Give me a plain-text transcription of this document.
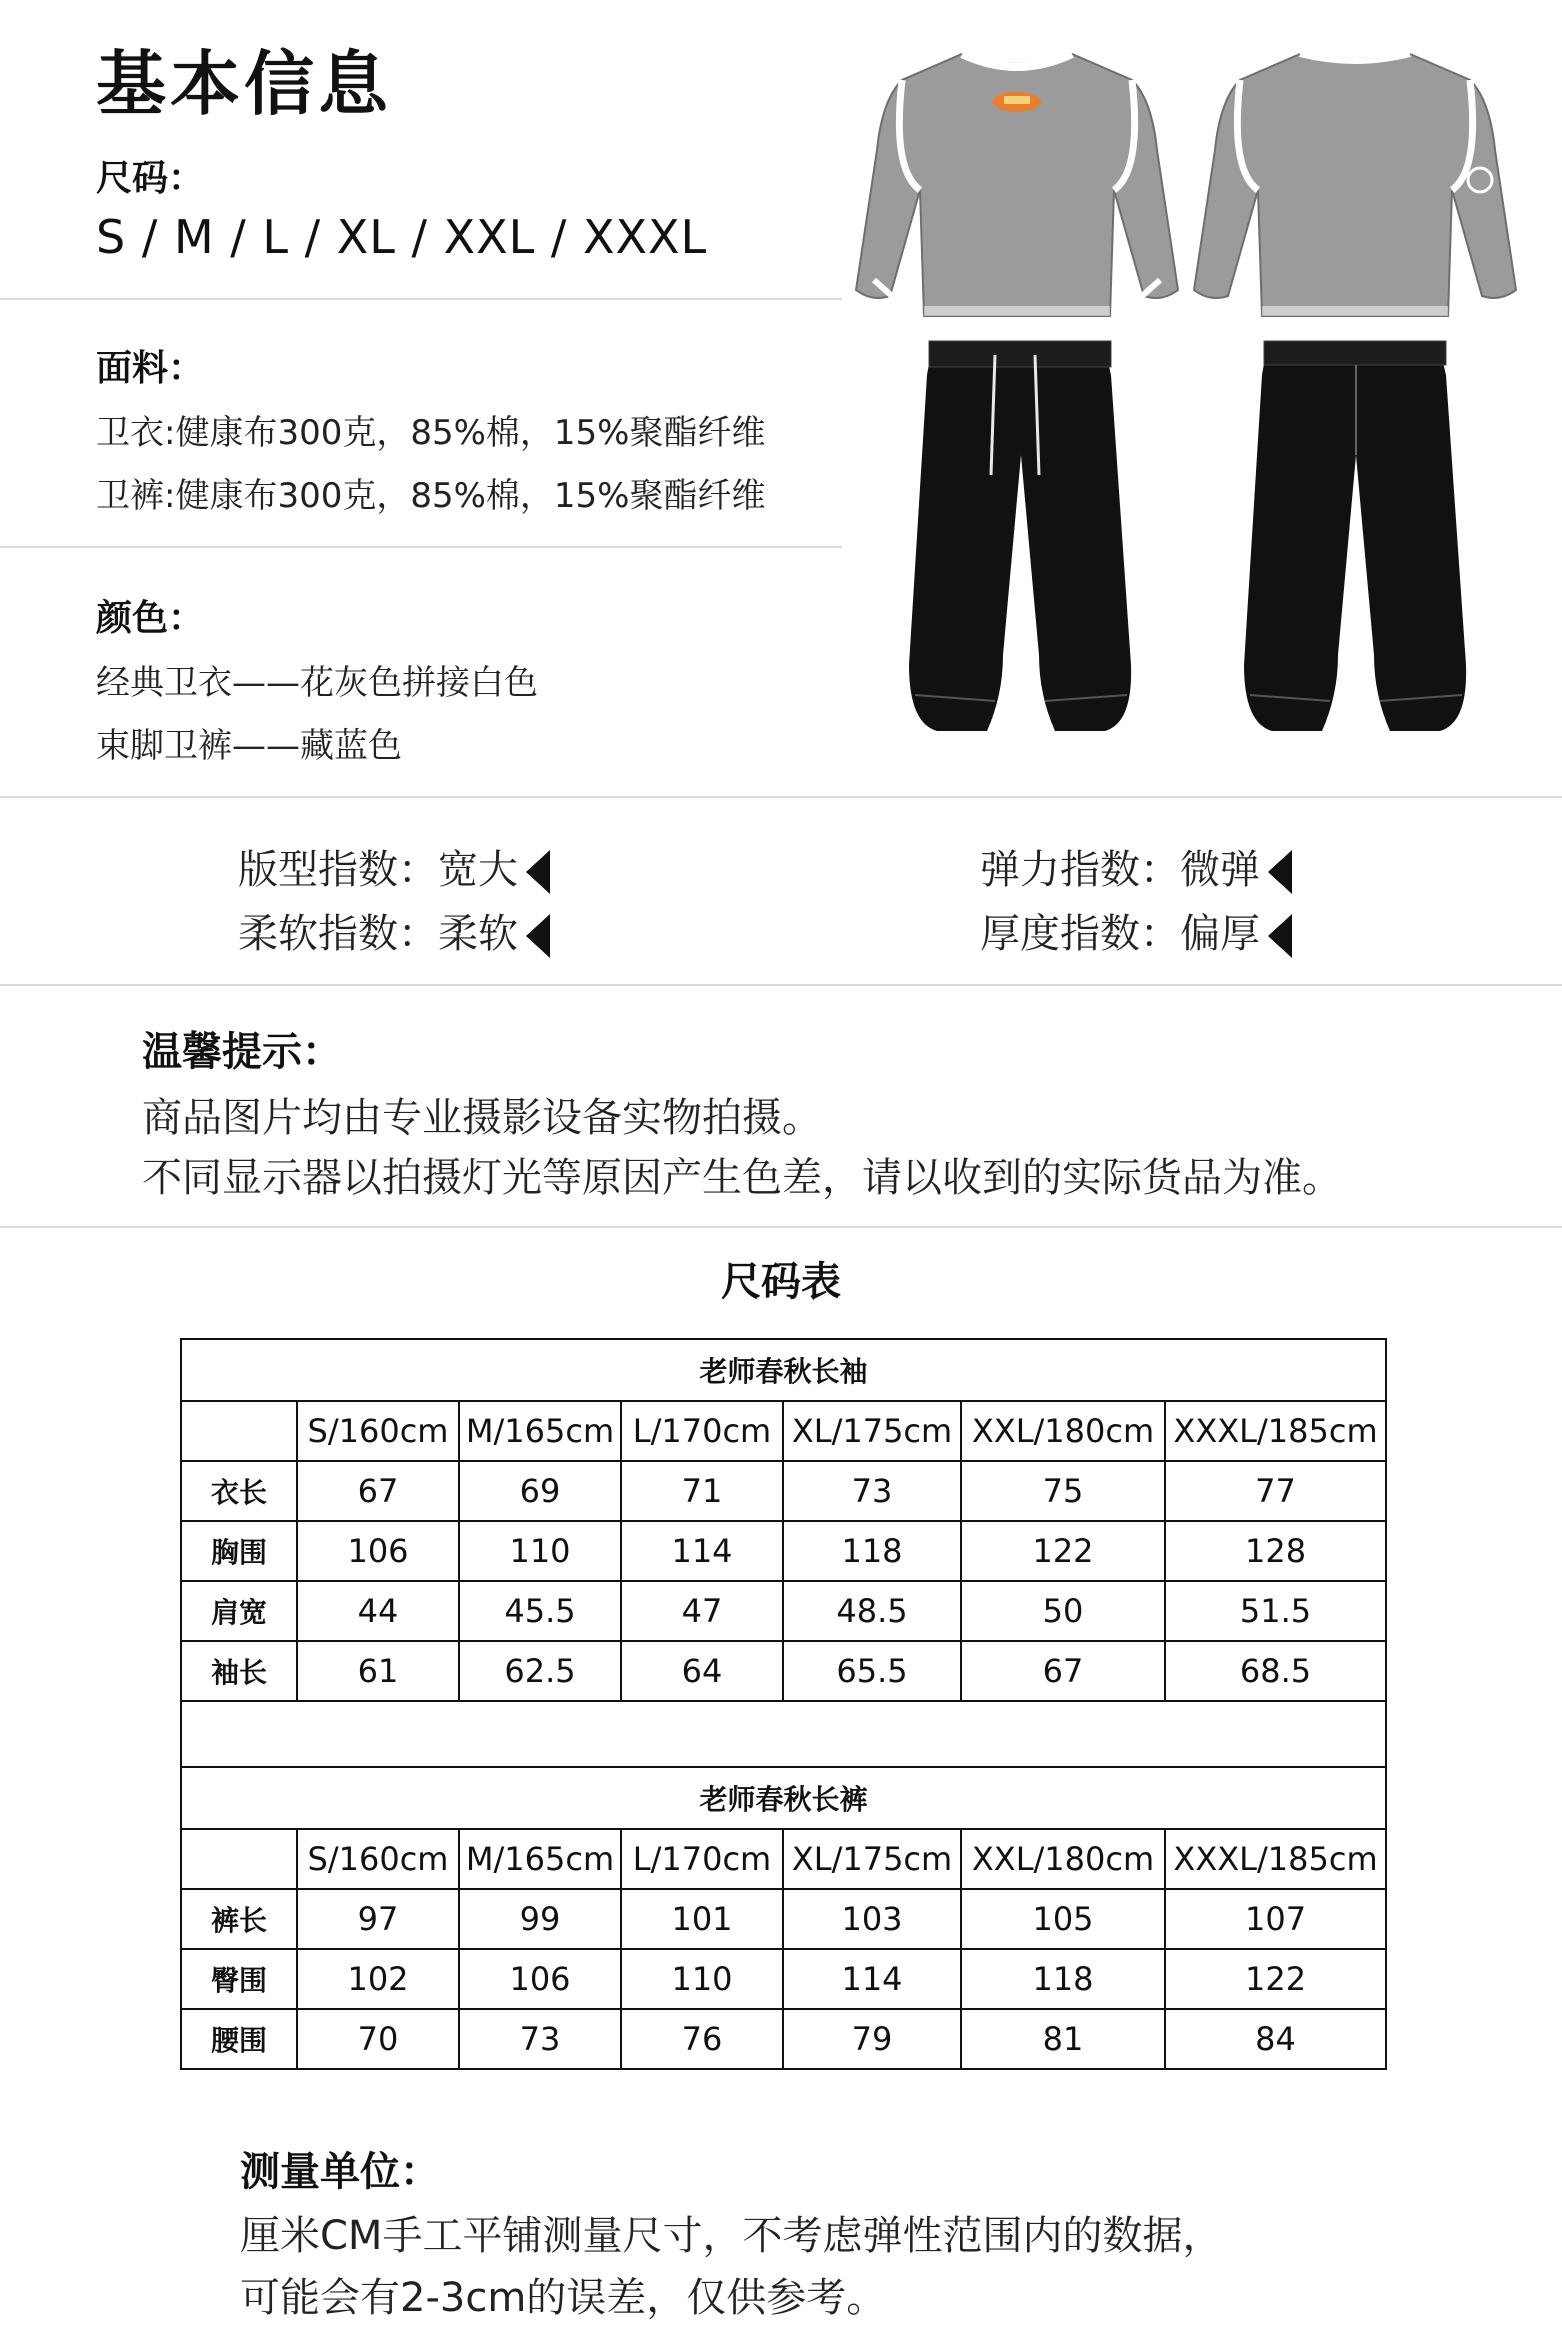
基本信息
尺码：
S / M / L / XL / XXL / XXXL
面料：
卫衣:健康布300克，85%棉，15%聚酯纤维
卫裤:健康布300克，85%棉，15%聚酯纤维
颜色：
经典卫衣——花灰色拼接白色
束脚卫裤——藏蓝色
版型指数：宽大	弹力指数：微弹
柔软指数：柔软	厚度指数：偏厚
温馨提示：
商品图片均由专业摄影设备实物拍摄。
不同显示器以拍摄灯光等原因产生色差，请以收到的实际货品为准。
尺码表
老师春秋长袖						
	S/160cm	M/165cm	L/170cm	XL/175cm	XXL/180cm	XXXL/185cm
衣长	67	69	71	73	75	77
胸围	106	110	114	118	122	128
肩宽	44	45.5	47	48.5	50	51.5
袖长	61	62.5	64	65.5	67	68.5

老师春秋长裤						
	S/160cm	M/165cm	L/170cm	XL/175cm	XXL/180cm	XXXL/185cm
裤长	97	99	101	103	105	107
臀围	102	106	110	114	118	122
腰围	70	73	76	79	81	84
测量单位：
厘米CM手工平铺测量尺寸，不考虑弹性范围内的数据，
可能会有2-3cm的误差，仅供参考。
